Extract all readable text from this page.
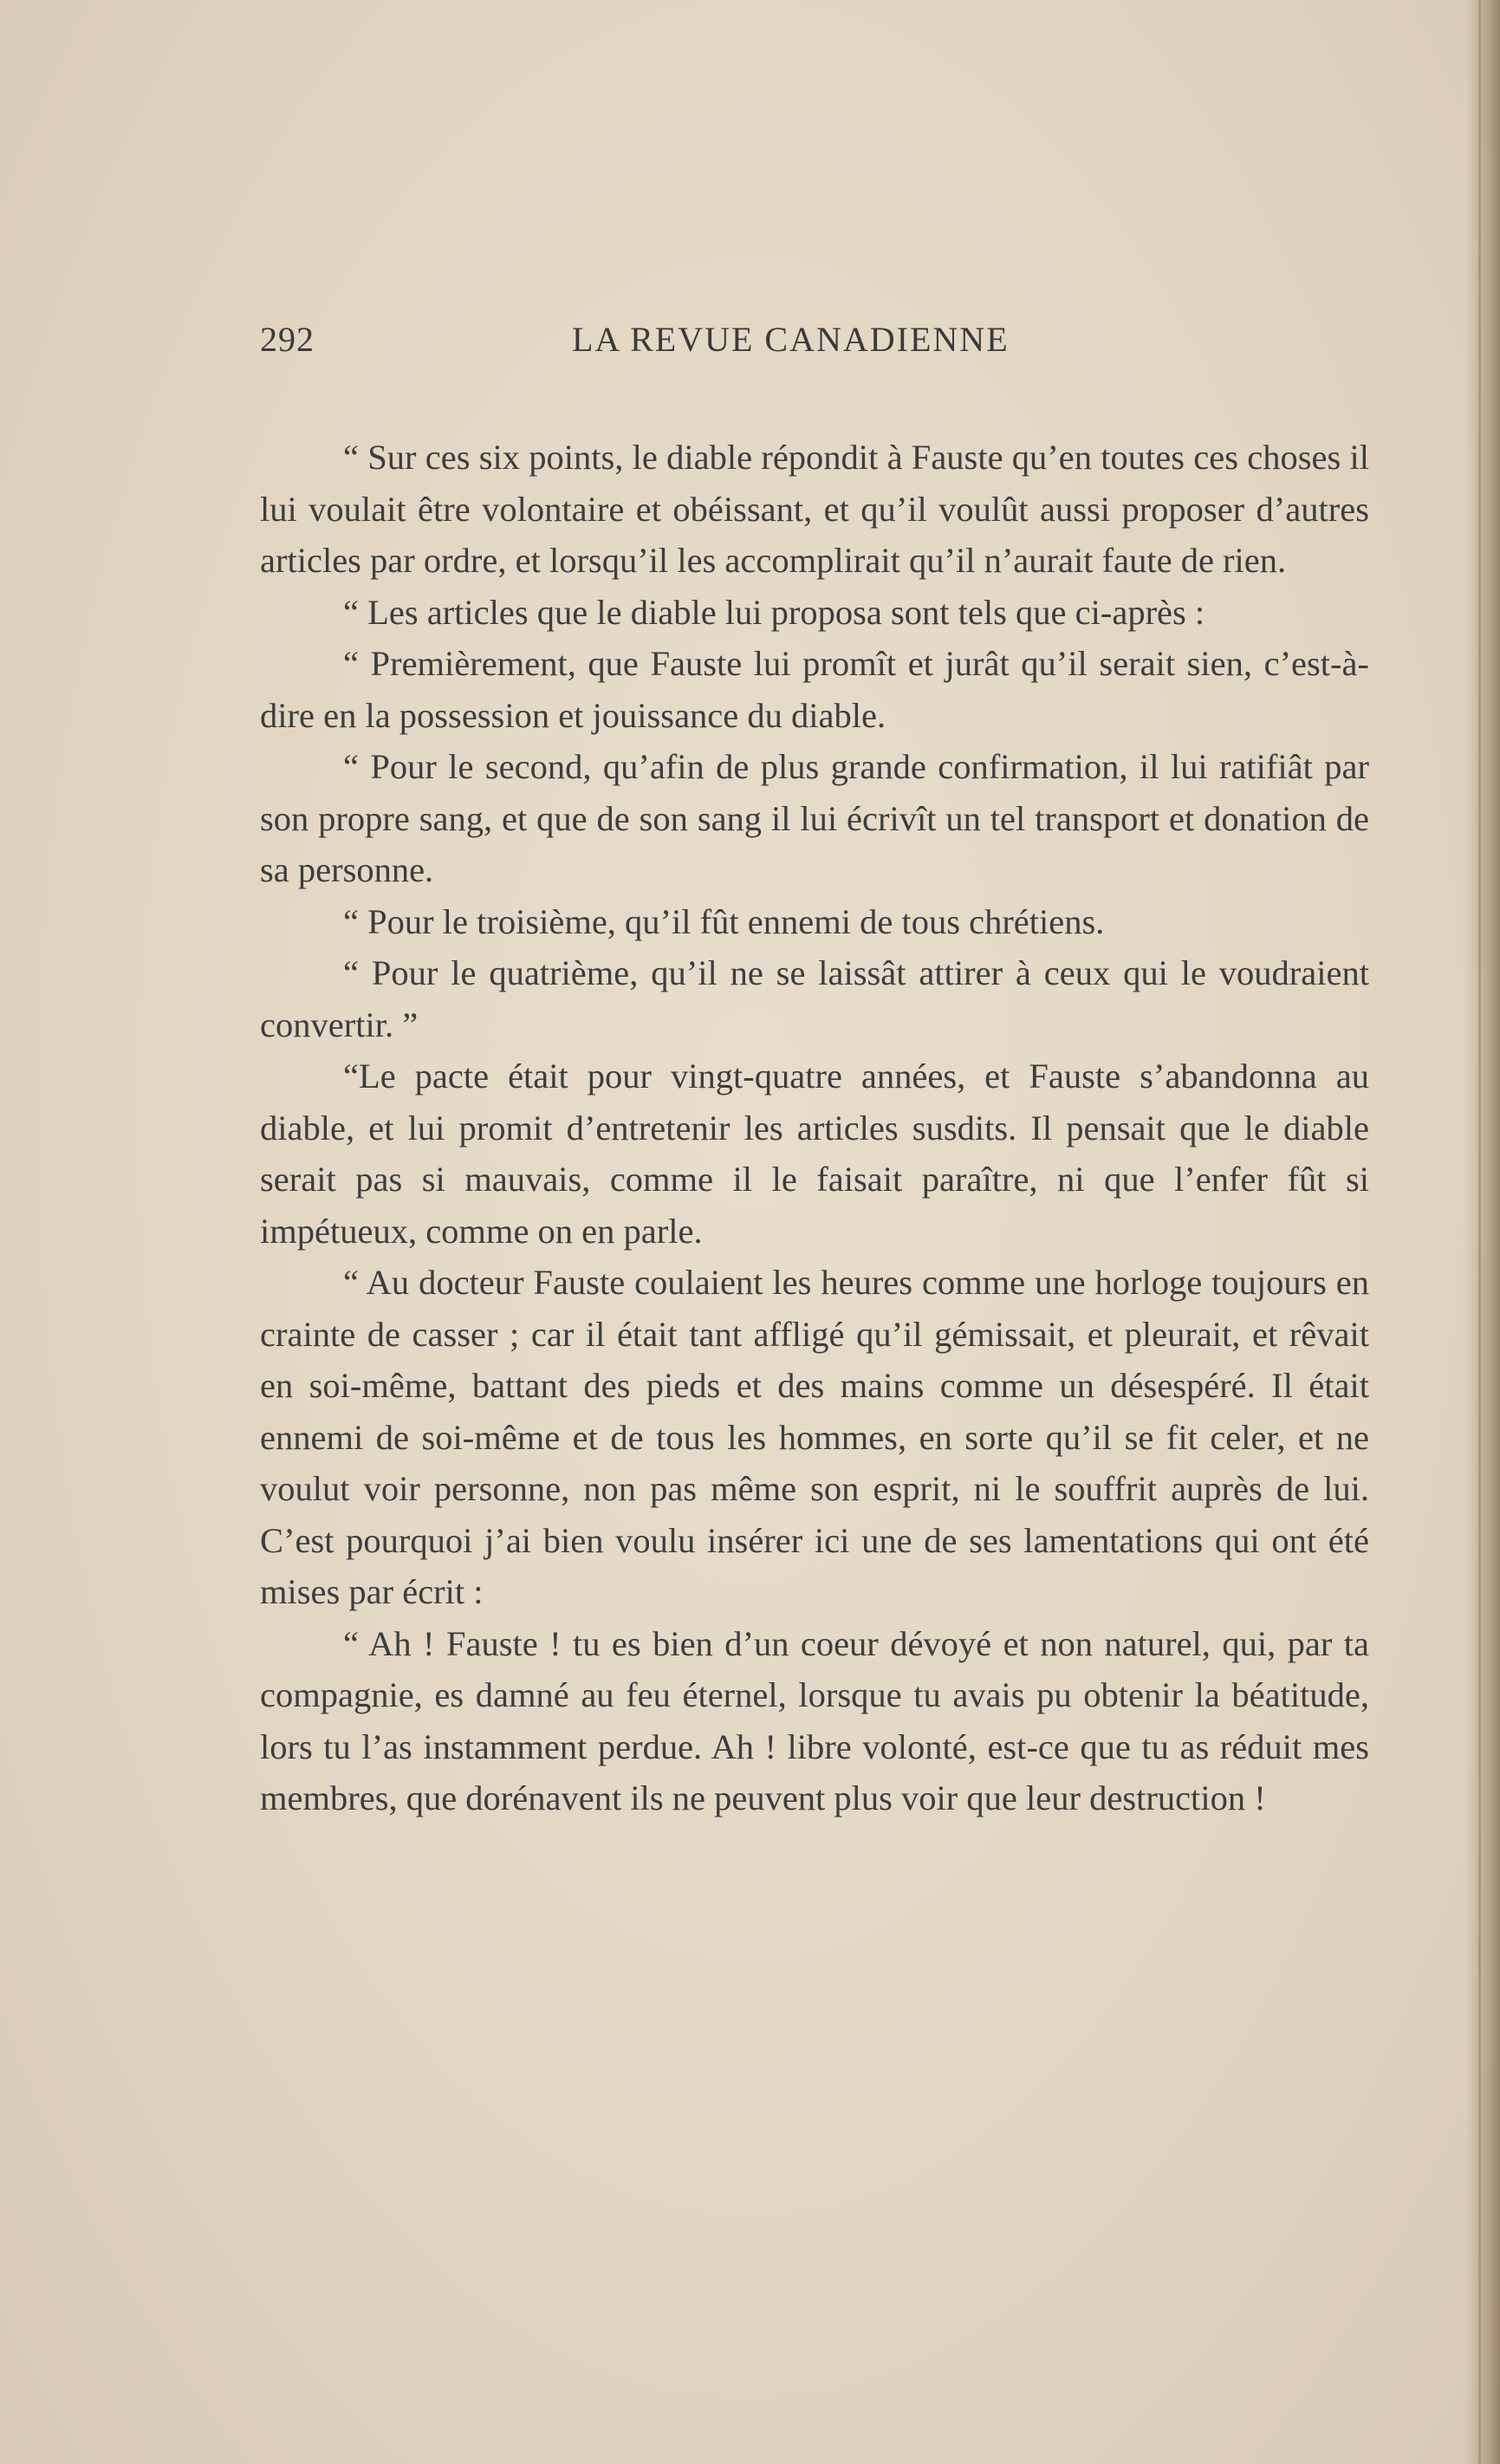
292	LA REVUE CANADIENNE

“ Sur ces six points, le diable répondit à Fauste qu’en toutes ces choses il lui voulait être volontaire et obéissant, et qu’il voulût aussi proposer d’autres articles par ordre, et lorsqu’il les accomplirait qu’il n’aurait faute de rien.

“ Les articles que le diable lui proposa sont tels que ci-après :

“ Premièrement, que Fauste lui promît et jurât qu’il serait sien, c’est-à-dire en la possession et jouissance du diable.

“ Pour le second, qu’afin de plus grande confirmation, il lui ratifiât par son propre sang, et que de son sang il lui écrivît un tel transport et donation de sa personne.

“ Pour le troisième, qu’il fût ennemi de tous chrétiens.

“ Pour le quatrième, qu’il ne se laissât attirer à ceux qui le voudraient convertir. ”

“Le pacte était pour vingt-quatre années, et Fauste s’abandonna au diable, et lui promit d’entretenir les articles susdits. Il pensait que le diable serait pas si mauvais, comme il le faisait paraître, ni que l’enfer fût si impétueux, comme on en parle.

“ Au docteur Fauste coulaient les heures comme une horloge toujours en crainte de casser ; car il était tant affligé qu’il gémissait, et pleurait, et rêvait en soi-même, battant des pieds et des mains comme un désespéré. Il était ennemi de soi-même et de tous les hommes, en sorte qu’il se fit celer, et ne voulut voir personne, non pas même son esprit, ni le souffrit auprès de lui. C’est pourquoi j’ai bien voulu insérer ici une de ses lamentations qui ont été mises par écrit :

“ Ah ! Fauste ! tu es bien d’un coeur dévoyé et non naturel, qui, par ta compagnie, es damné au feu éternel, lorsque tu avais pu obtenir la béatitude, lors tu l’as instamment perdue. Ah ! libre volonté, est-ce que tu as réduit mes membres, que dorénavent ils ne peuvent plus voir que leur destruction !
